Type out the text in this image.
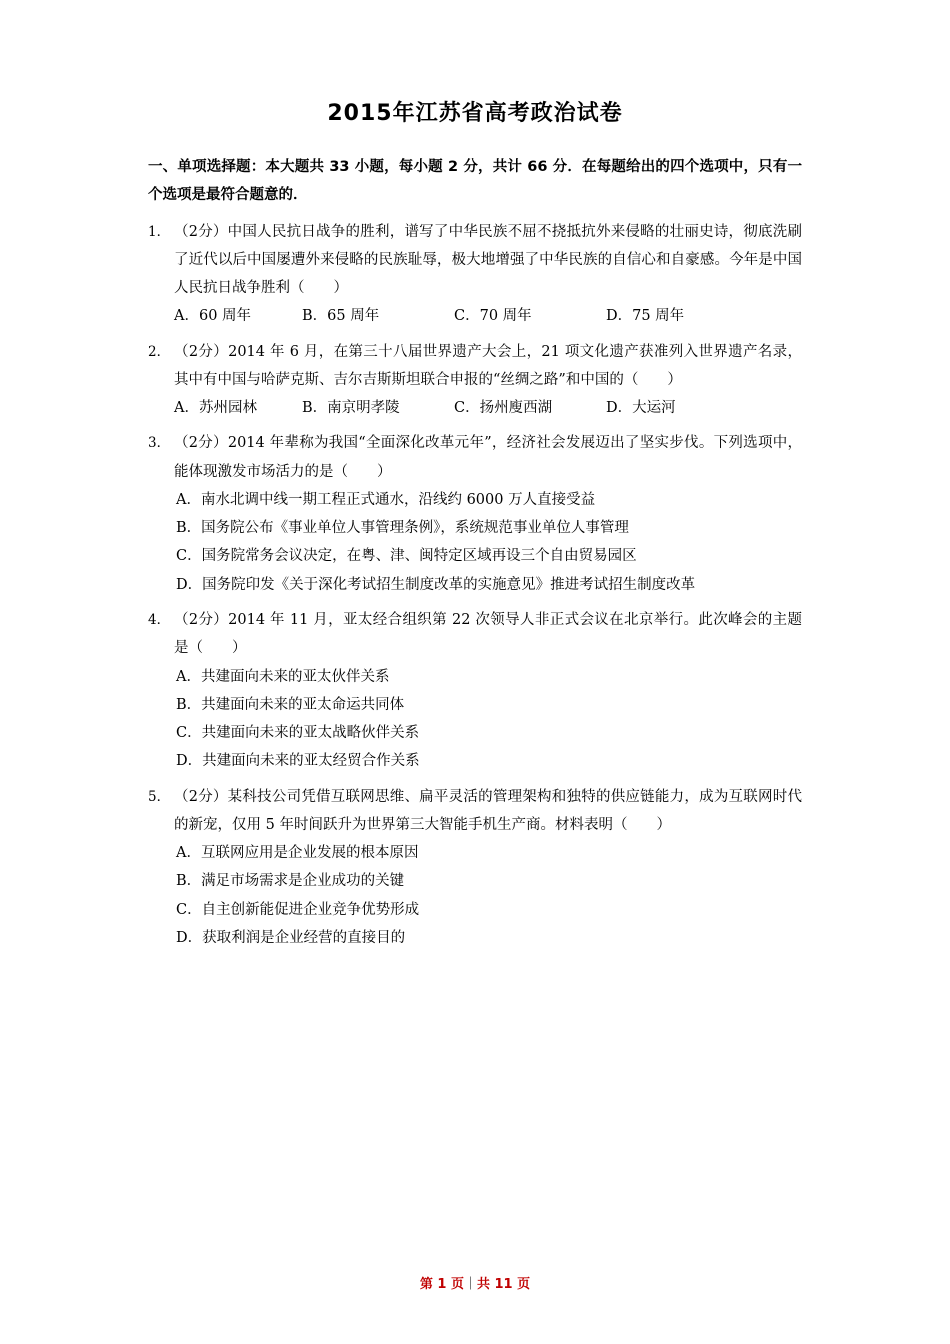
2015年江苏省高考政治试卷
一、单项选择题：本大题共 33 小题，每小题 2 分，共计 66 分．在每题给出的四个选项中，只有一个选项是最符合题意的．
1． （2分）中国人民抗日战争的胜利，谱写了中华民族不屈不挠抵抗外来侵略的壮丽史诗，彻底洗刷了近代以后中国屡遭外来侵略的民族耻辱，极大地增强了中华民族的自信心和自豪感。今年是中国人民抗日战争胜利（　　）
A．60 周年	B．65 周年	C．70 周年	D．75 周年
2． （2分）2014 年 6 月，在第三十八届世界遗产大会上，21 项文化遗产获准列入世界遗产名录，其中有中国与哈萨克斯、吉尔吉斯斯坦联合申报的“丝绸之路”和中国的（　　）
A．苏州园林	B．南京明孝陵	C．扬州廋西湖	D．大运河
3． （2分）2014 年辈称为我国“全面深化改革元年”，经济社会发展迈出了坚实步伐。下列选项中，能体现激发市场活力的是（　　）
A．南水北调中线一期工程正式通水，沿线约 6000 万人直接受益
B．国务院公布《事业单位人事管理条例》，系统规范事业单位人事管理
C．国务院常务会议决定，在粤、津、闽特定区域再设三个自由贸易园区
D．国务院印发《关于深化考试招生制度改革的实施意见》推进考试招生制度改革
4． （2分）2014 年 11 月，亚太经合组织第 22 次领导人非正式会议在北京举行。此次峰会的主题是（　　）
A．共建面向未来的亚太伙伴关系
B．共建面向未来的亚太命运共同体
C．共建面向未来的亚太战略伙伴关系
D．共建面向未来的亚太经贸合作关系
5． （2分）某科技公司凭借互联网思维、扁平灵活的管理架构和独特的供应链能力，成为互联网时代的新宠，仅用 5 年时间跃升为世界第三大智能手机生产商。材料表明（　　）
A．互联网应用是企业发展的根本原因
B．满足市场需求是企业成功的关键
C．自主创新能促进企业竞争优势形成
D．获取利润是企业经营的直接目的
第 1 页｜共 11 页
